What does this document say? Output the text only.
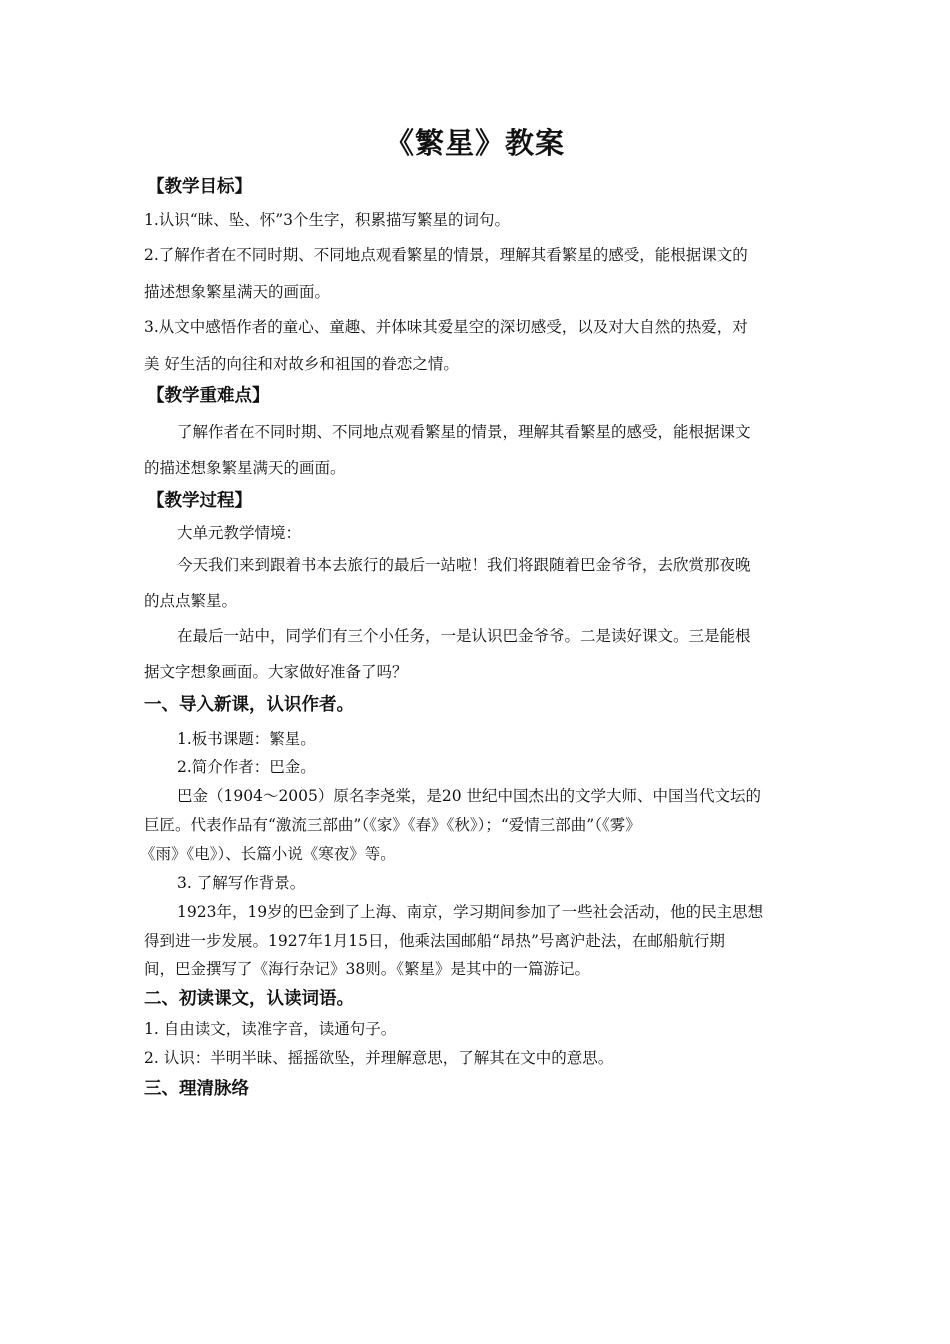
《繁星》教案
【教学目标】
1.认识“昧、坠、怀”3个生字，积累描写繁星的词句。
2.了解作者在不同时期、不同地点观看繁星的情景，理解其看繁星的感受，能根据课文的
描述想象繁星满天的画面。
3.从文中感悟作者的童心、童趣、并体味其爱星空的深切感受，以及对大自然的热爱，对
美 好生活的向往和对故乡和祖国的眷恋之情。
【教学重难点】
了解作者在不同时期、不同地点观看繁星的情景，理解其看繁星的感受，能根据课文
的描述想象繁星满天的画面。
【教学过程】
大单元教学情境：
今天我们来到跟着书本去旅行的最后一站啦！我们将跟随着巴金爷爷，去欣赏那夜晚
的点点繁星。
在最后一站中，同学们有三个小任务，一是认识巴金爷爷。二是读好课文。三是能根
据文字想象画面。大家做好准备了吗？
一、导入新课，认识作者。
1.板书课题：繁星。
2.简介作者：巴金。
巴金（1904～2005）原名李尧棠，是20 世纪中国杰出的文学大师、中国当代文坛的
巨匠。代表作品有“激流三部曲”（《家》《春》《秋》）；“爱情三部曲”（《雾》
《雨》《电》）、长篇小说《寒夜》等。
3. 了解写作背景。
1923年，19岁的巴金到了上海、南京，学习期间参加了一些社会活动，他的民主思想
得到进一步发展。1927年1月15日，他乘法国邮船“昂热”号离沪赴法，在邮船航行期
间，巴金撰写了《海行杂记》38则。《繁星》是其中的一篇游记。
二、初读课文，认读词语。
1. 自由读文，读准字音，读通句子。
2. 认识：半明半昧、摇摇欲坠，并理解意思，了解其在文中的意思。
三、理清脉络
